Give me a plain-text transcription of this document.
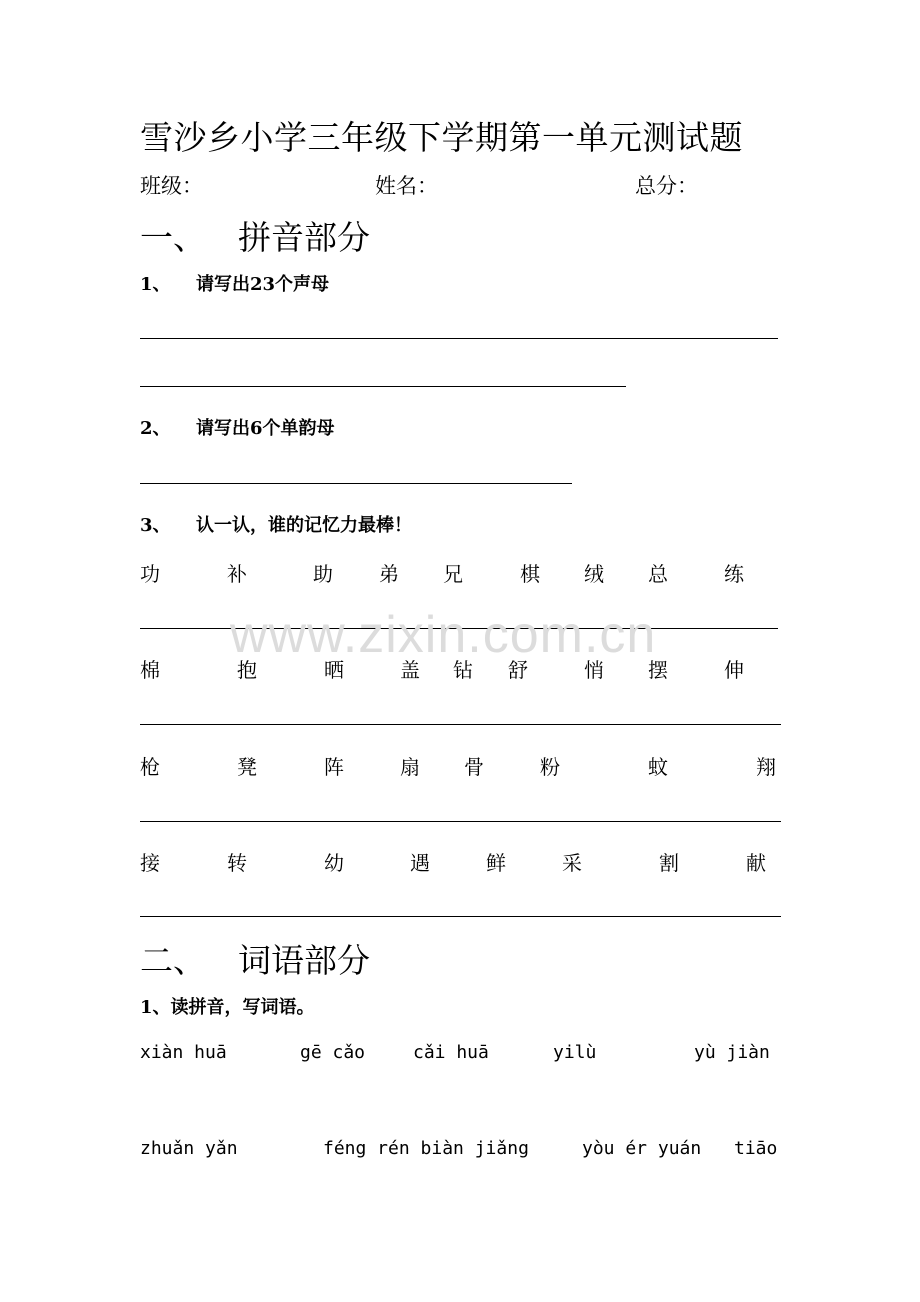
雪沙乡小学三年级下学期第一单元测试题
班级：	姓名：	总分：
一、 拼音部分
1、 请写出23个声母
2、 请写出6个单韵母
3、 认一认，谁的记忆力最棒！
功	补	助 弟 兄	棋 绒 总	练
棉	抱	晒	盖 钻 舒	悄 摆	伸
枪	凳	阵	扇 骨	粉	蚊	翔
接	转	幼	遇	鲜	采	割	献
二、 词语部分
1、读拼音，写词语。
xiàn huā	gē cǎo	cǎi huā	yilù	yù jiàn
zhuǎn yǎn	féng rén biàn jiǎng	yòu ér yuán tiāo
www.zixin.com.cn
